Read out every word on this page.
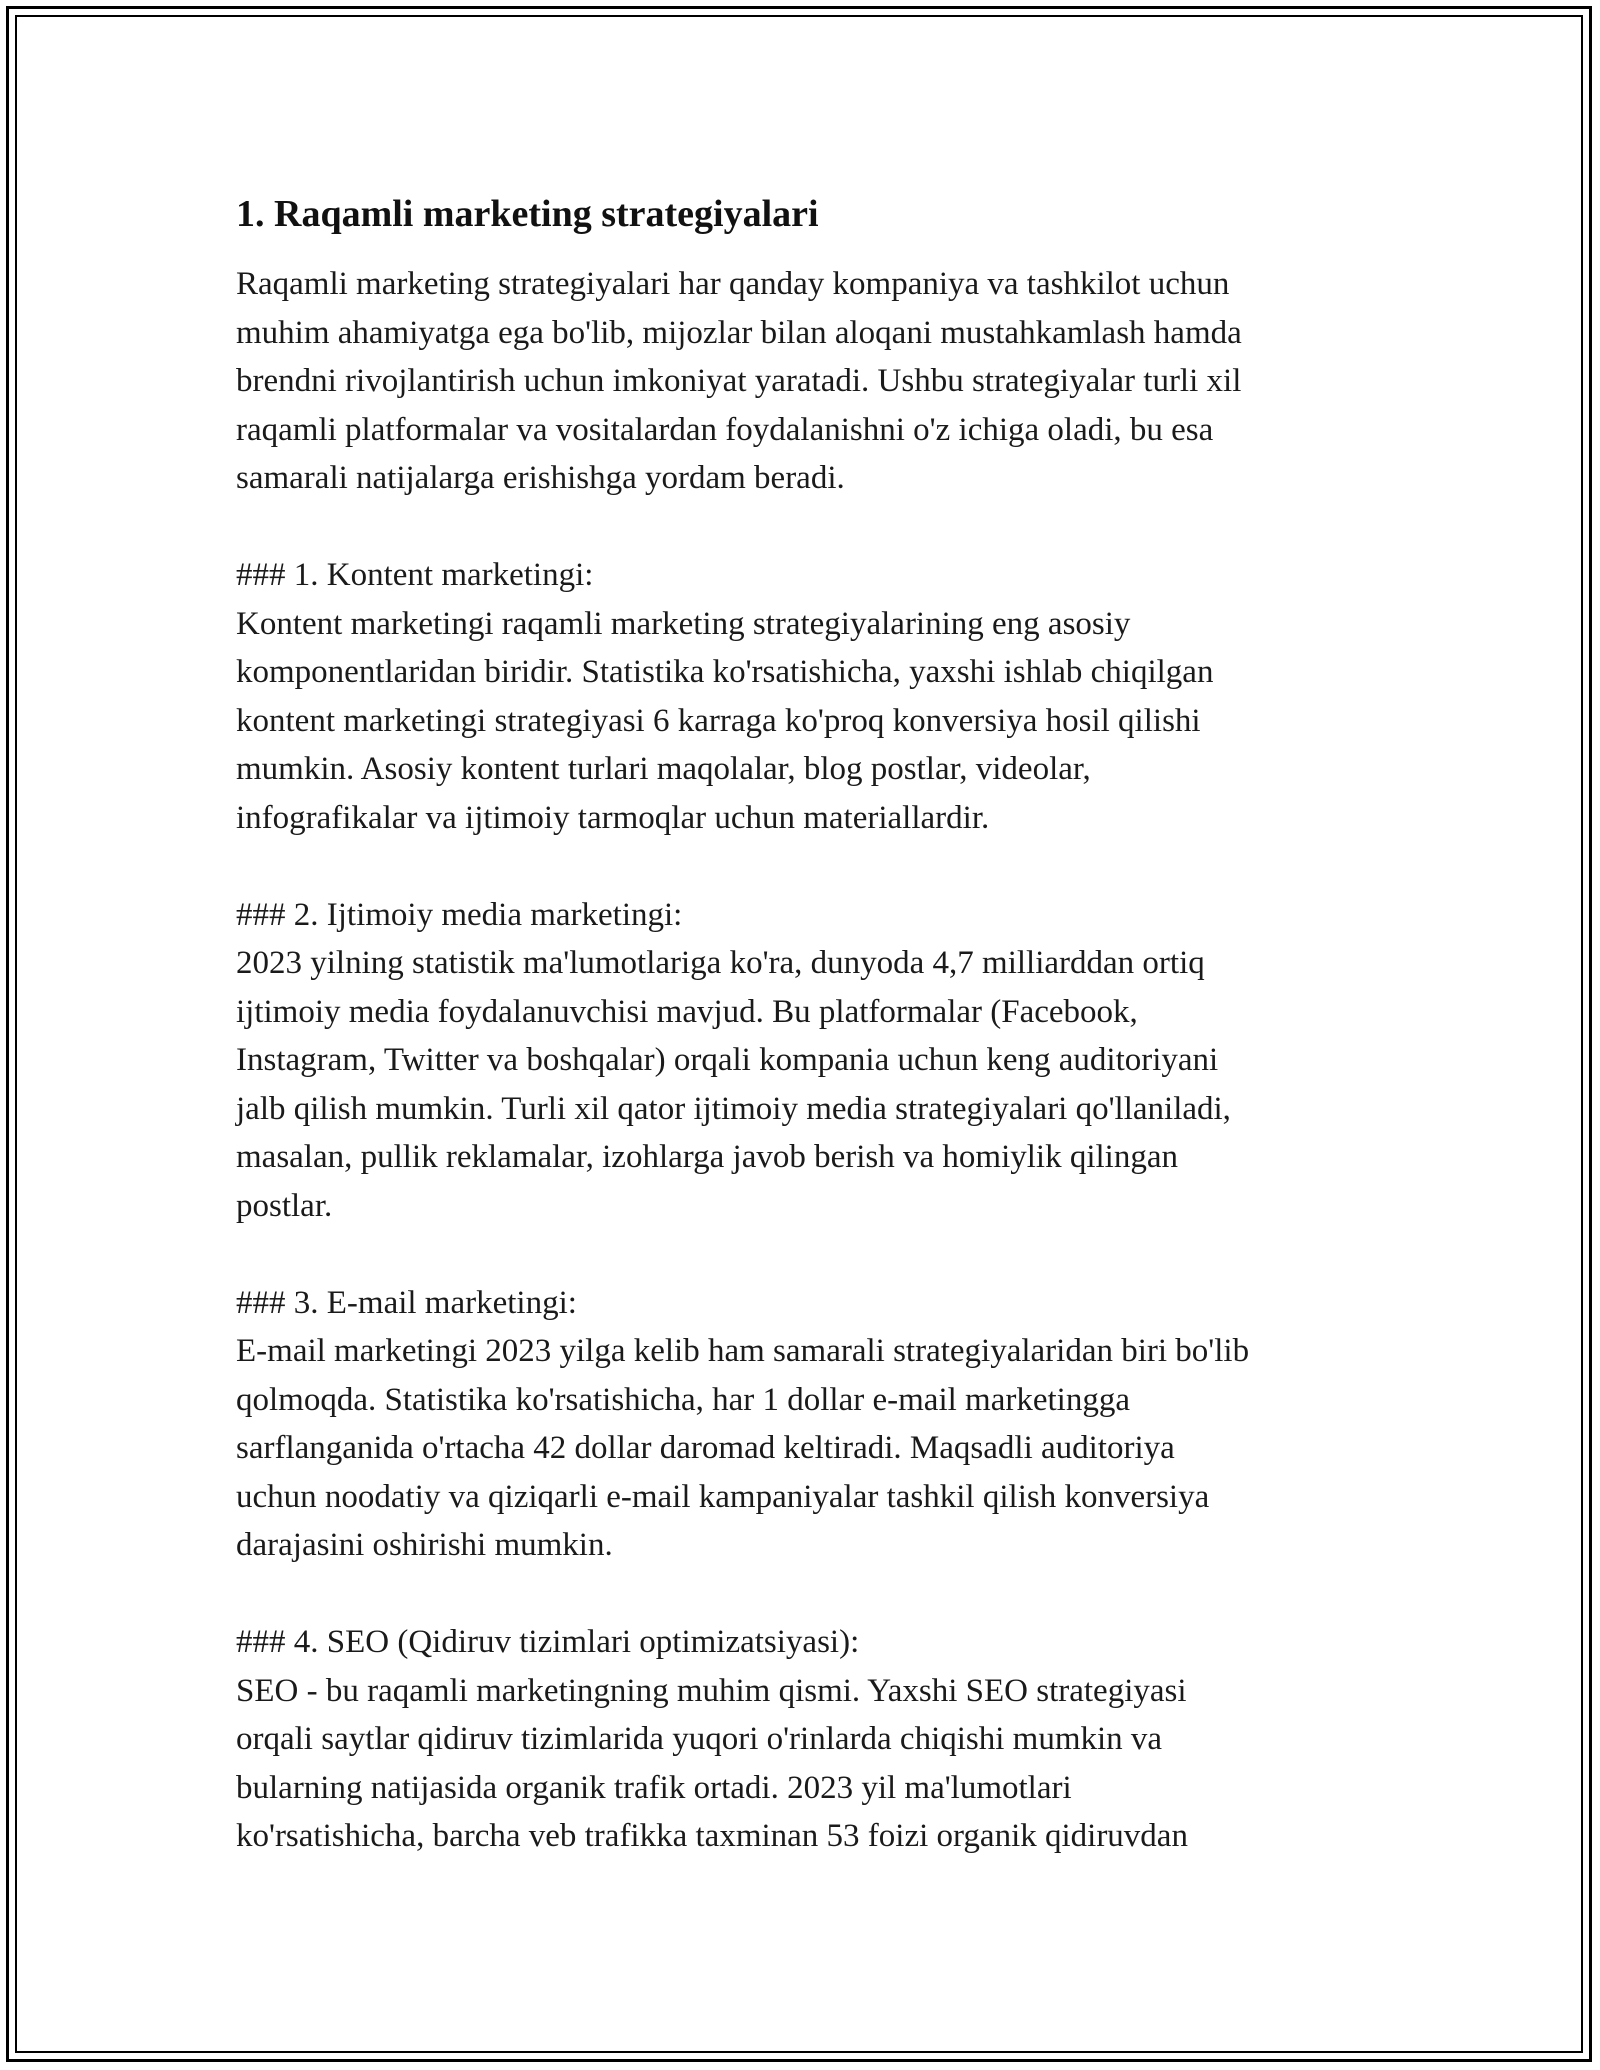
1. Raqamli marketing strategiyalari

Raqamli marketing strategiyalari har qanday kompaniya va tashkilot uchun
muhim ahamiyatga ega bo'lib, mijozlar bilan aloqani mustahkamlash hamda
brendni rivojlantirish uchun imkoniyat yaratadi. Ushbu strategiyalar turli xil
raqamli platformalar va vositalardan foydalanishni o'z ichiga oladi, bu esa
samarali natijalarga erishishga yordam beradi.

### 1. Kontent marketingi:

Kontent marketingi raqamli marketing strategiyalarining eng asosiy
komponentlaridan biridir. Statistika ko'rsatishicha, yaxshi ishlab chiqilgan
kontent marketingi strategiyasi 6 karraga ko'proq konversiya hosil qilishi
mumkin. Asosiy kontent turlari maqolalar, blog postlar, videolar,
infografikalar va ijtimoiy tarmoqlar uchun materiallardir.

### 2. Ijtimoiy media marketingi:

2023 yilning statistik ma'lumotlariga ko'ra, dunyoda 4,7 milliarddan ortiq
ijtimoiy media foydalanuvchisi mavjud. Bu platformalar (Facebook,
Instagram, Twitter va boshqalar) orqali kompania uchun keng auditoriyani
jalb qilish mumkin. Turli xil qator ijtimoiy media strategiyalari qo'llaniladi,
masalan, pullik reklamalar, izohlarga javob berish va homiylik qilingan
postlar.

### 3. E-mail marketingi:

E-mail marketingi 2023 yilga kelib ham samarali strategiyalaridan biri bo'lib
qolmoqda. Statistika ko'rsatishicha, har 1 dollar e-mail marketingga
sarflanganida o'rtacha 42 dollar daromad keltiradi. Maqsadli auditoriya
uchun noodatiy va qiziqarli e-mail kampaniyalar tashkil qilish konversiya
darajasini oshirishi mumkin.

### 4. SEO (Qidiruv tizimlari optimizatsiyasi):

SEO - bu raqamli marketingning muhim qismi. Yaxshi SEO strategiyasi
orqali saytlar qidiruv tizimlarida yuqori o'rinlarda chiqishi mumkin va
bularning natijasida organik trafik ortadi. 2023 yil ma'lumotlari
ko'rsatishicha, barcha veb trafikka taxminan 53 foizi organik qidiruvdan
